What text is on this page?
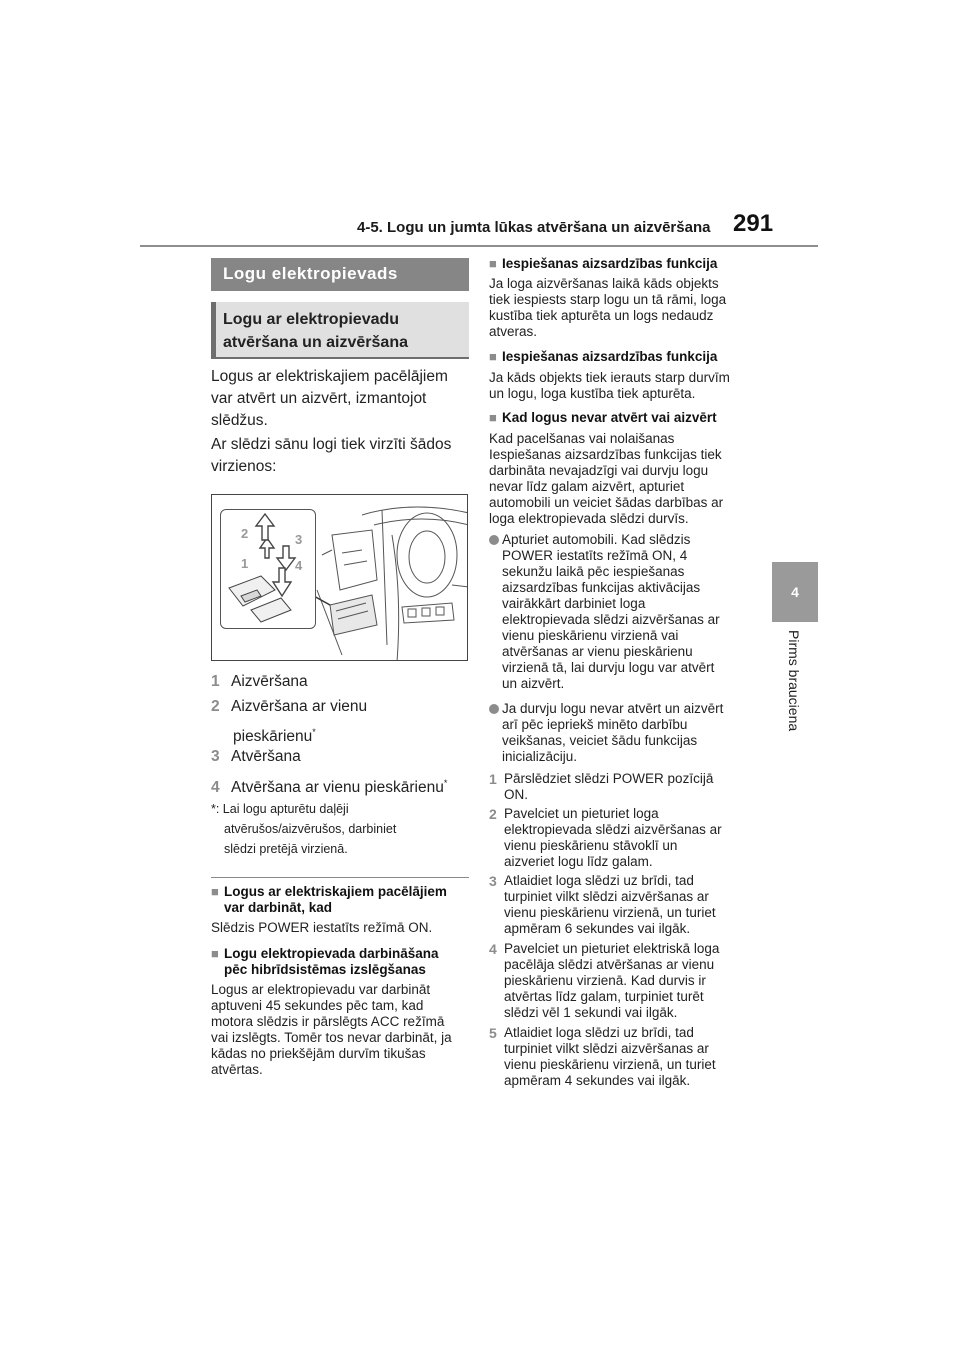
4-5. Logu un jumta lūkas atvēršana un aizvēršana 291
4
Pirms brauciena
Logu elektropievads
Logu ar elektropievadu
atvēršana un aizvēršana
Logus ar elektriskajiem pacēlājiem
var atvērt un aizvērt, izmantojot
slēdžus.
Ar slēdzi sānu logi tiek virzīti šādos
virzienos:
2
1
3
4
1 Aizvēršana
2 Aizvēršana ar vienu
pieskārienu*
3 Atvēršana
4 Atvēršana ar vienu pieskārienu*
*: Lai logu apturētu daļēji
atvērušos/aizvērušos, darbiniet
slēdzi pretējā virzienā.
■ Logus ar elektriskajiem pacēlājiem
var darbināt, kad
Slēdzis POWER iestatīts režīmā ON.
■ Logu elektropievada darbināšana
pēc hibrīdsistēmas izslēgšanas
Logus ar elektropievadu var darbināt
aptuveni 45 sekundes pēc tam, kad
motora slēdzis ir pārslēgts ACC režīmā
vai izslēgts. Tomēr tos nevar darbināt, ja
kādas no priekšējām durvīm tikušas
atvērtas.
■ Iespiešanas aizsardzības funkcija
Ja loga aizvēršanas laikā kāds objekts
tiek iespiests starp logu un tā rāmi, loga
kustība tiek apturēta un logs nedaudz
atveras.
■ Iespiešanas aizsardzības funkcija
Ja kāds objekts tiek ierauts starp durvīm
un logu, loga kustība tiek apturēta.
■ Kad logus nevar atvērt vai aizvērt
Kad pacelšanas vai nolaišanas
Iespiešanas aizsardzības funkcijas tiek
darbināta nevajadzīgi vai durvju logu
nevar līdz galam aizvērt, apturiet
automobili un veiciet šādas darbības ar
loga elektropievada slēdzi durvīs.
Apturiet automobili. Kad slēdzis
POWER iestatīts režīmā ON, 4
sekunžu laikā pēc iespiešanas
aizsardzības funkcijas aktivācijas
vairākkārt darbiniet loga
elektropievada slēdzi aizvēršanas ar
vienu pieskārienu virzienā vai
atvēršanas ar vienu pieskārienu
virzienā tā, lai durvju logu var atvērt
un aizvērt.
Ja durvju logu nevar atvērt un aizvērt
arī pēc iepriekš minēto darbību
veikšanas, veiciet šādu funkcijas
inicializāciju.
1 Pārslēdziet slēdzi POWER pozīcijā
ON.
2 Pavelciet un pieturiet loga
elektropievada slēdzi aizvēršanas ar
vienu pieskārienu stāvoklī un
aizveriet logu līdz galam.
3 Atlaidiet loga slēdzi uz brīdi, tad
turpiniet vilkt slēdzi aizvēršanas ar
vienu pieskārienu virzienā, un turiet
apmēram 6 sekundes vai ilgāk.
4 Pavelciet un pieturiet elektriskā loga
pacēlāja slēdzi atvēršanas ar vienu
pieskārienu virzienā. Kad durvis ir
atvērtas līdz galam, turpiniet turēt
slēdzi vēl 1 sekundi vai ilgāk.
5 Atlaidiet loga slēdzi uz brīdi, tad
turpiniet vilkt slēdzi aizvēršanas ar
vienu pieskārienu virzienā, un turiet
apmēram 4 sekundes vai ilgāk.
